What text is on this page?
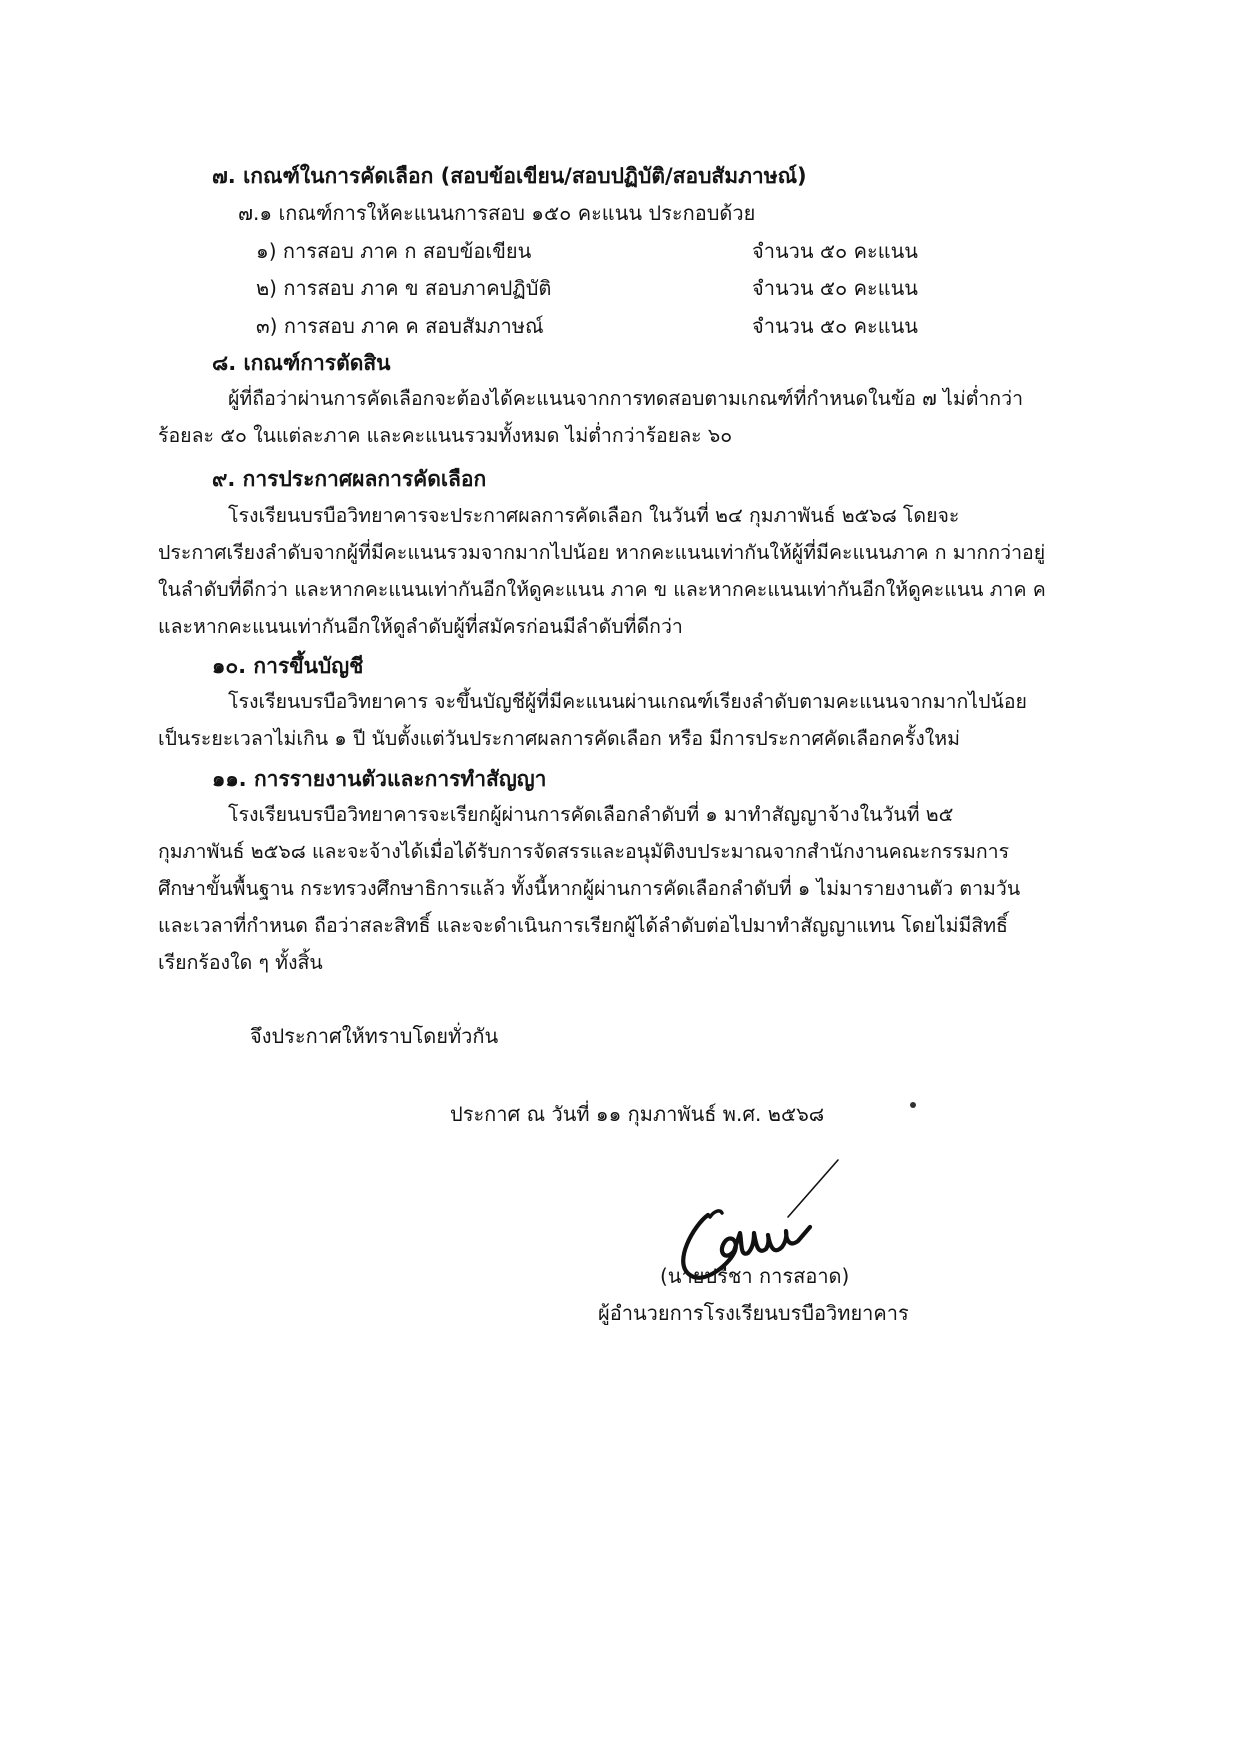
๗. เกณฑ์ในการคัดเลือก (สอบข้อเขียน/สอบปฏิบัติ/สอบสัมภาษณ์)
๗.๑ เกณฑ์การให้คะแนนการสอบ ๑๕๐ คะแนน ประกอบด้วย
๑) การสอบ ภาค ก สอบข้อเขียน	จำนวน ๕๐ คะแนน
๒) การสอบ ภาค ข สอบภาคปฏิบัติ	จำนวน ๕๐ คะแนน
๓) การสอบ ภาค ค สอบสัมภาษณ์	จำนวน ๕๐ คะแนน
๘. เกณฑ์การตัดสิน
ผู้ที่ถือว่าผ่านการคัดเลือกจะต้องได้คะแนนจากการทดสอบตามเกณฑ์ที่กำหนดในข้อ ๗ ไม่ต่ำกว่า
ร้อยละ ๕๐ ในแต่ละภาค และคะแนนรวมทั้งหมด ไม่ต่ำกว่าร้อยละ ๖๐
๙. การประกาศผลการคัดเลือก
โรงเรียนบรบือวิทยาคารจะประกาศผลการคัดเลือก ในวันที่ ๒๔ กุมภาพันธ์ ๒๕๖๘ โดยจะ
ประกาศเรียงลำดับจากผู้ที่มีคะแนนรวมจากมากไปน้อย หากคะแนนเท่ากันให้ผู้ที่มีคะแนนภาค ก มากกว่าอยู่
ในลำดับที่ดีกว่า และหากคะแนนเท่ากันอีกให้ดูคะแนน ภาค ข และหากคะแนนเท่ากันอีกให้ดูคะแนน ภาค ค
และหากคะแนนเท่ากันอีกให้ดูลำดับผู้ที่สมัครก่อนมีลำดับที่ดีกว่า
๑๐. การขึ้นบัญชี
โรงเรียนบรบือวิทยาคาร จะขึ้นบัญชีผู้ที่มีคะแนนผ่านเกณฑ์เรียงลำดับตามคะแนนจากมากไปน้อย
เป็นระยะเวลาไม่เกิน ๑ ปี นับตั้งแต่วันประกาศผลการคัดเลือก หรือ มีการประกาศคัดเลือกครั้งใหม่
๑๑. การรายงานตัวและการทำสัญญา
โรงเรียนบรบือวิทยาคารจะเรียกผู้ผ่านการคัดเลือกลำดับที่ ๑ มาทำสัญญาจ้างในวันที่ ๒๕
กุมภาพันธ์ ๒๕๖๘ และจะจ้างได้เมื่อได้รับการจัดสรรและอนุมัติงบประมาณจากสำนักงานคณะกรรมการ
ศึกษาขั้นพื้นฐาน กระทรวงศึกษาธิการแล้ว ทั้งนี้หากผู้ผ่านการคัดเลือกลำดับที่ ๑ ไม่มารายงานตัว ตามวัน
และเวลาที่กำหนด ถือว่าสละสิทธิ์ และจะดำเนินการเรียกผู้ได้ลำดับต่อไปมาทำสัญญาแทน โดยไม่มีสิทธิ์
เรียกร้องใด ๆ ทั้งสิ้น
จึงประกาศให้ทราบโดยทั่วกัน
ประกาศ ณ วันที่ ๑๑ กุมภาพันธ์ พ.ศ. ๒๕๖๘
(นายปรีชา การสอาด)
ผู้อำนวยการโรงเรียนบรบือวิทยาคาร
